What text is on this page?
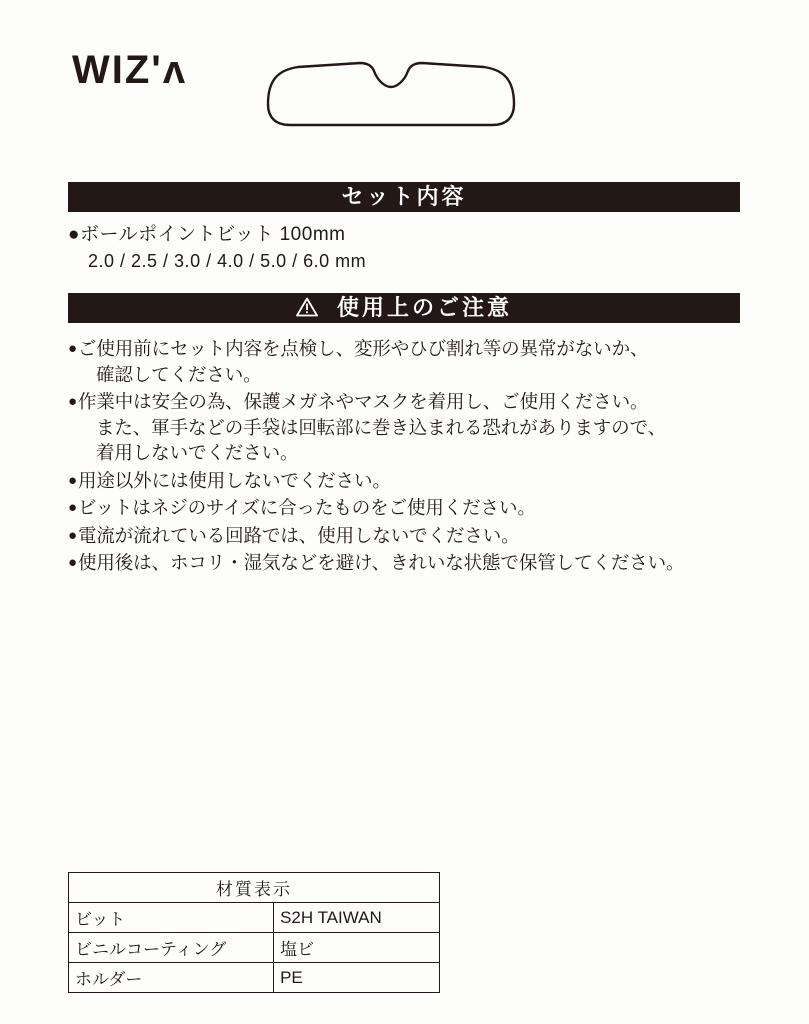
WIZ'ʌ
セット内容
●ボールポイントビット 100mm
2.0 / 2.5 / 3.0 / 4.0 / 5.0 / 6.0 mm
使用上のご注意
● ご使用前にセット内容を点検し、変形やひび割れ等の異常がないか、
確認してください。
● 作業中は安全の為、保護メガネやマスクを着用し、ご使用ください。
また、軍手などの手袋は回転部に巻き込まれる恐れがありますので、
着用しないでください。
● 用途以外には使用しないでください。
● ビットはネジのサイズに合ったものをご使用ください。
● 電流が流れている回路では、使用しないでください。
● 使用後は、ホコリ・湿気などを避け、きれいな状態で保管してください。
材質表示	
ビット	S2H TAIWAN
ビニルコーティング	塩ビ
ホルダー	PE
